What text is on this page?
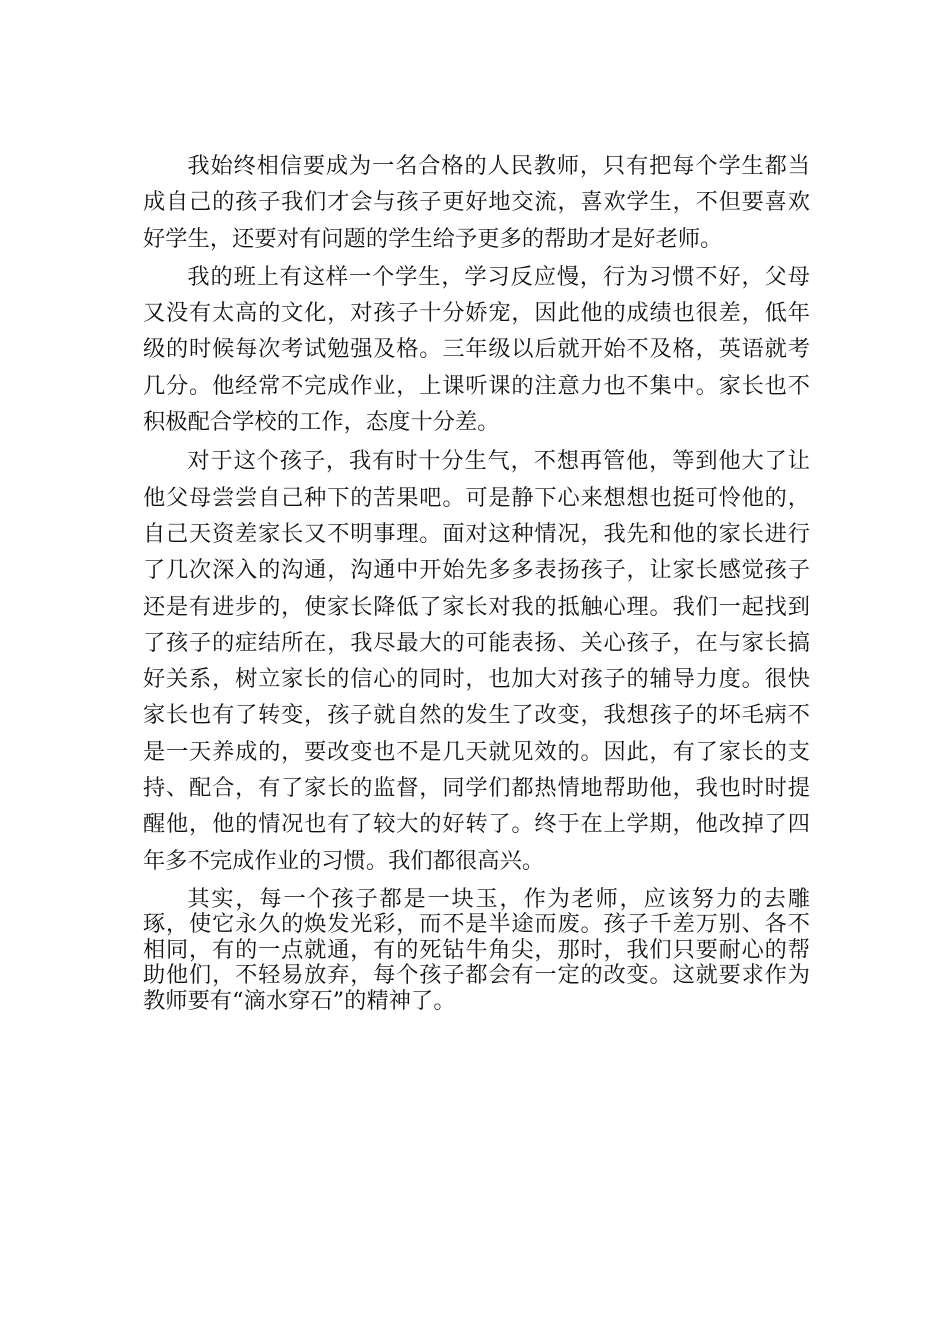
我始终相信要成为一名合格的人民教师，只有把每个学生都当成自己的孩子我们才会与孩子更好地交流，喜欢学生，不但要喜欢好学生，还要对有问题的学生给予更多的帮助才是好老师。

我的班上有这样一个学生，学习反应慢，行为习惯不好，父母又没有太高的文化，对孩子十分娇宠，因此他的成绩也很差，低年级的时候每次考试勉强及格。三年级以后就开始不及格，英语就考几分。他经常不完成作业，上课听课的注意力也不集中。家长也不积极配合学校的工作，态度十分差。

对于这个孩子，我有时十分生气，不想再管他，等到他大了让他父母尝尝自己种下的苦果吧。可是静下心来想想也挺可怜他的，自己天资差家长又不明事理。面对这种情况，我先和他的家长进行了几次深入的沟通，沟通中开始先多多表扬孩子，让家长感觉孩子还是有进步的，使家长降低了家长对我的抵触心理。我们一起找到了孩子的症结所在，我尽最大的可能表扬、关心孩子，在与家长搞好关系，树立家长的信心的同时，也加大对孩子的辅导力度。很快家长也有了转变，孩子就自然的发生了改变，我想孩子的坏毛病不是一天养成的，要改变也不是几天就见效的。因此，有了家长的支持、配合，有了家长的监督，同学们都热情地帮助他，我也时时提醒他，他的情况也有了较大的好转了。终于在上学期，他改掉了四年多不完成作业的习惯。我们都很高兴。

其实，每一个孩子都是一块玉，作为老师，应该努力的去雕琢，使它永久的焕发光彩，而不是半途而废。孩子千差万别、各不相同，有的一点就通，有的死钻牛角尖，那时，我们只要耐心的帮助他们，不轻易放弃，每个孩子都会有一定的改变。这就要求作为教师要有“滴水穿石”的精神了。
